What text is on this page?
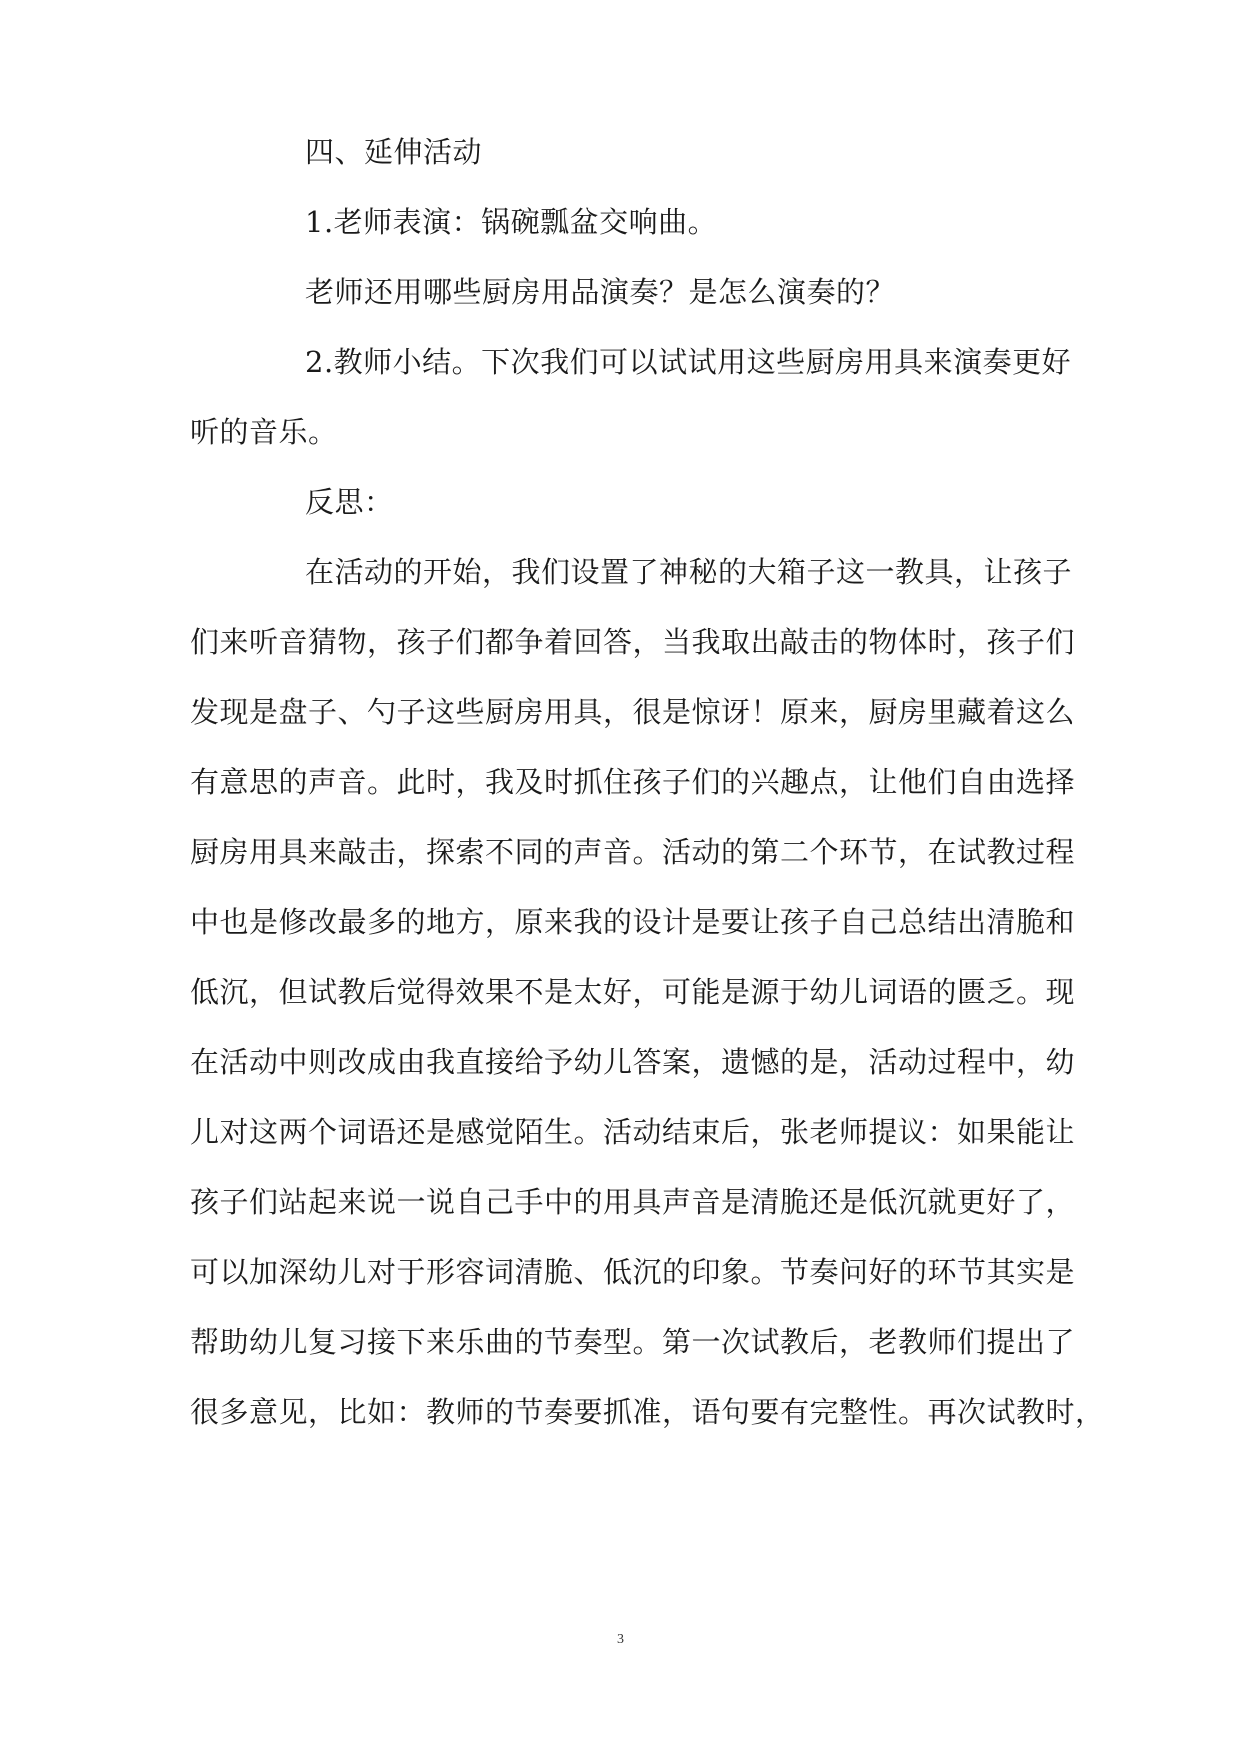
四、延伸活动
1.老师表演：锅碗瓢盆交响曲。
老师还用哪些厨房用品演奏？是怎么演奏的？
2.教师小结。下次我们可以试试用这些厨房用具来演奏更好
听的音乐。
反思：
在活动的开始，我们设置了神秘的大箱子这一教具，让孩子
们来听音猜物，孩子们都争着回答，当我取出敲击的物体时，孩子们
发现是盘子、勺子这些厨房用具，很是惊讶！原来，厨房里藏着这么
有意思的声音。此时，我及时抓住孩子们的兴趣点，让他们自由选择
厨房用具来敲击，探索不同的声音。活动的第二个环节，在试教过程
中也是修改最多的地方，原来我的设计是要让孩子自己总结出清脆和
低沉，但试教后觉得效果不是太好，可能是源于幼儿词语的匮乏。现
在活动中则改成由我直接给予幼儿答案，遗憾的是，活动过程中，幼
儿对这两个词语还是感觉陌生。活动结束后，张老师提议：如果能让
孩子们站起来说一说自己手中的用具声音是清脆还是低沉就更好了，
可以加深幼儿对于形容词清脆、低沉的印象。节奏问好的环节其实是
帮助幼儿复习接下来乐曲的节奏型。第一次试教后，老教师们提出了
很多意见，比如：教师的节奏要抓准，语句要有完整性。再次试教时，
3
